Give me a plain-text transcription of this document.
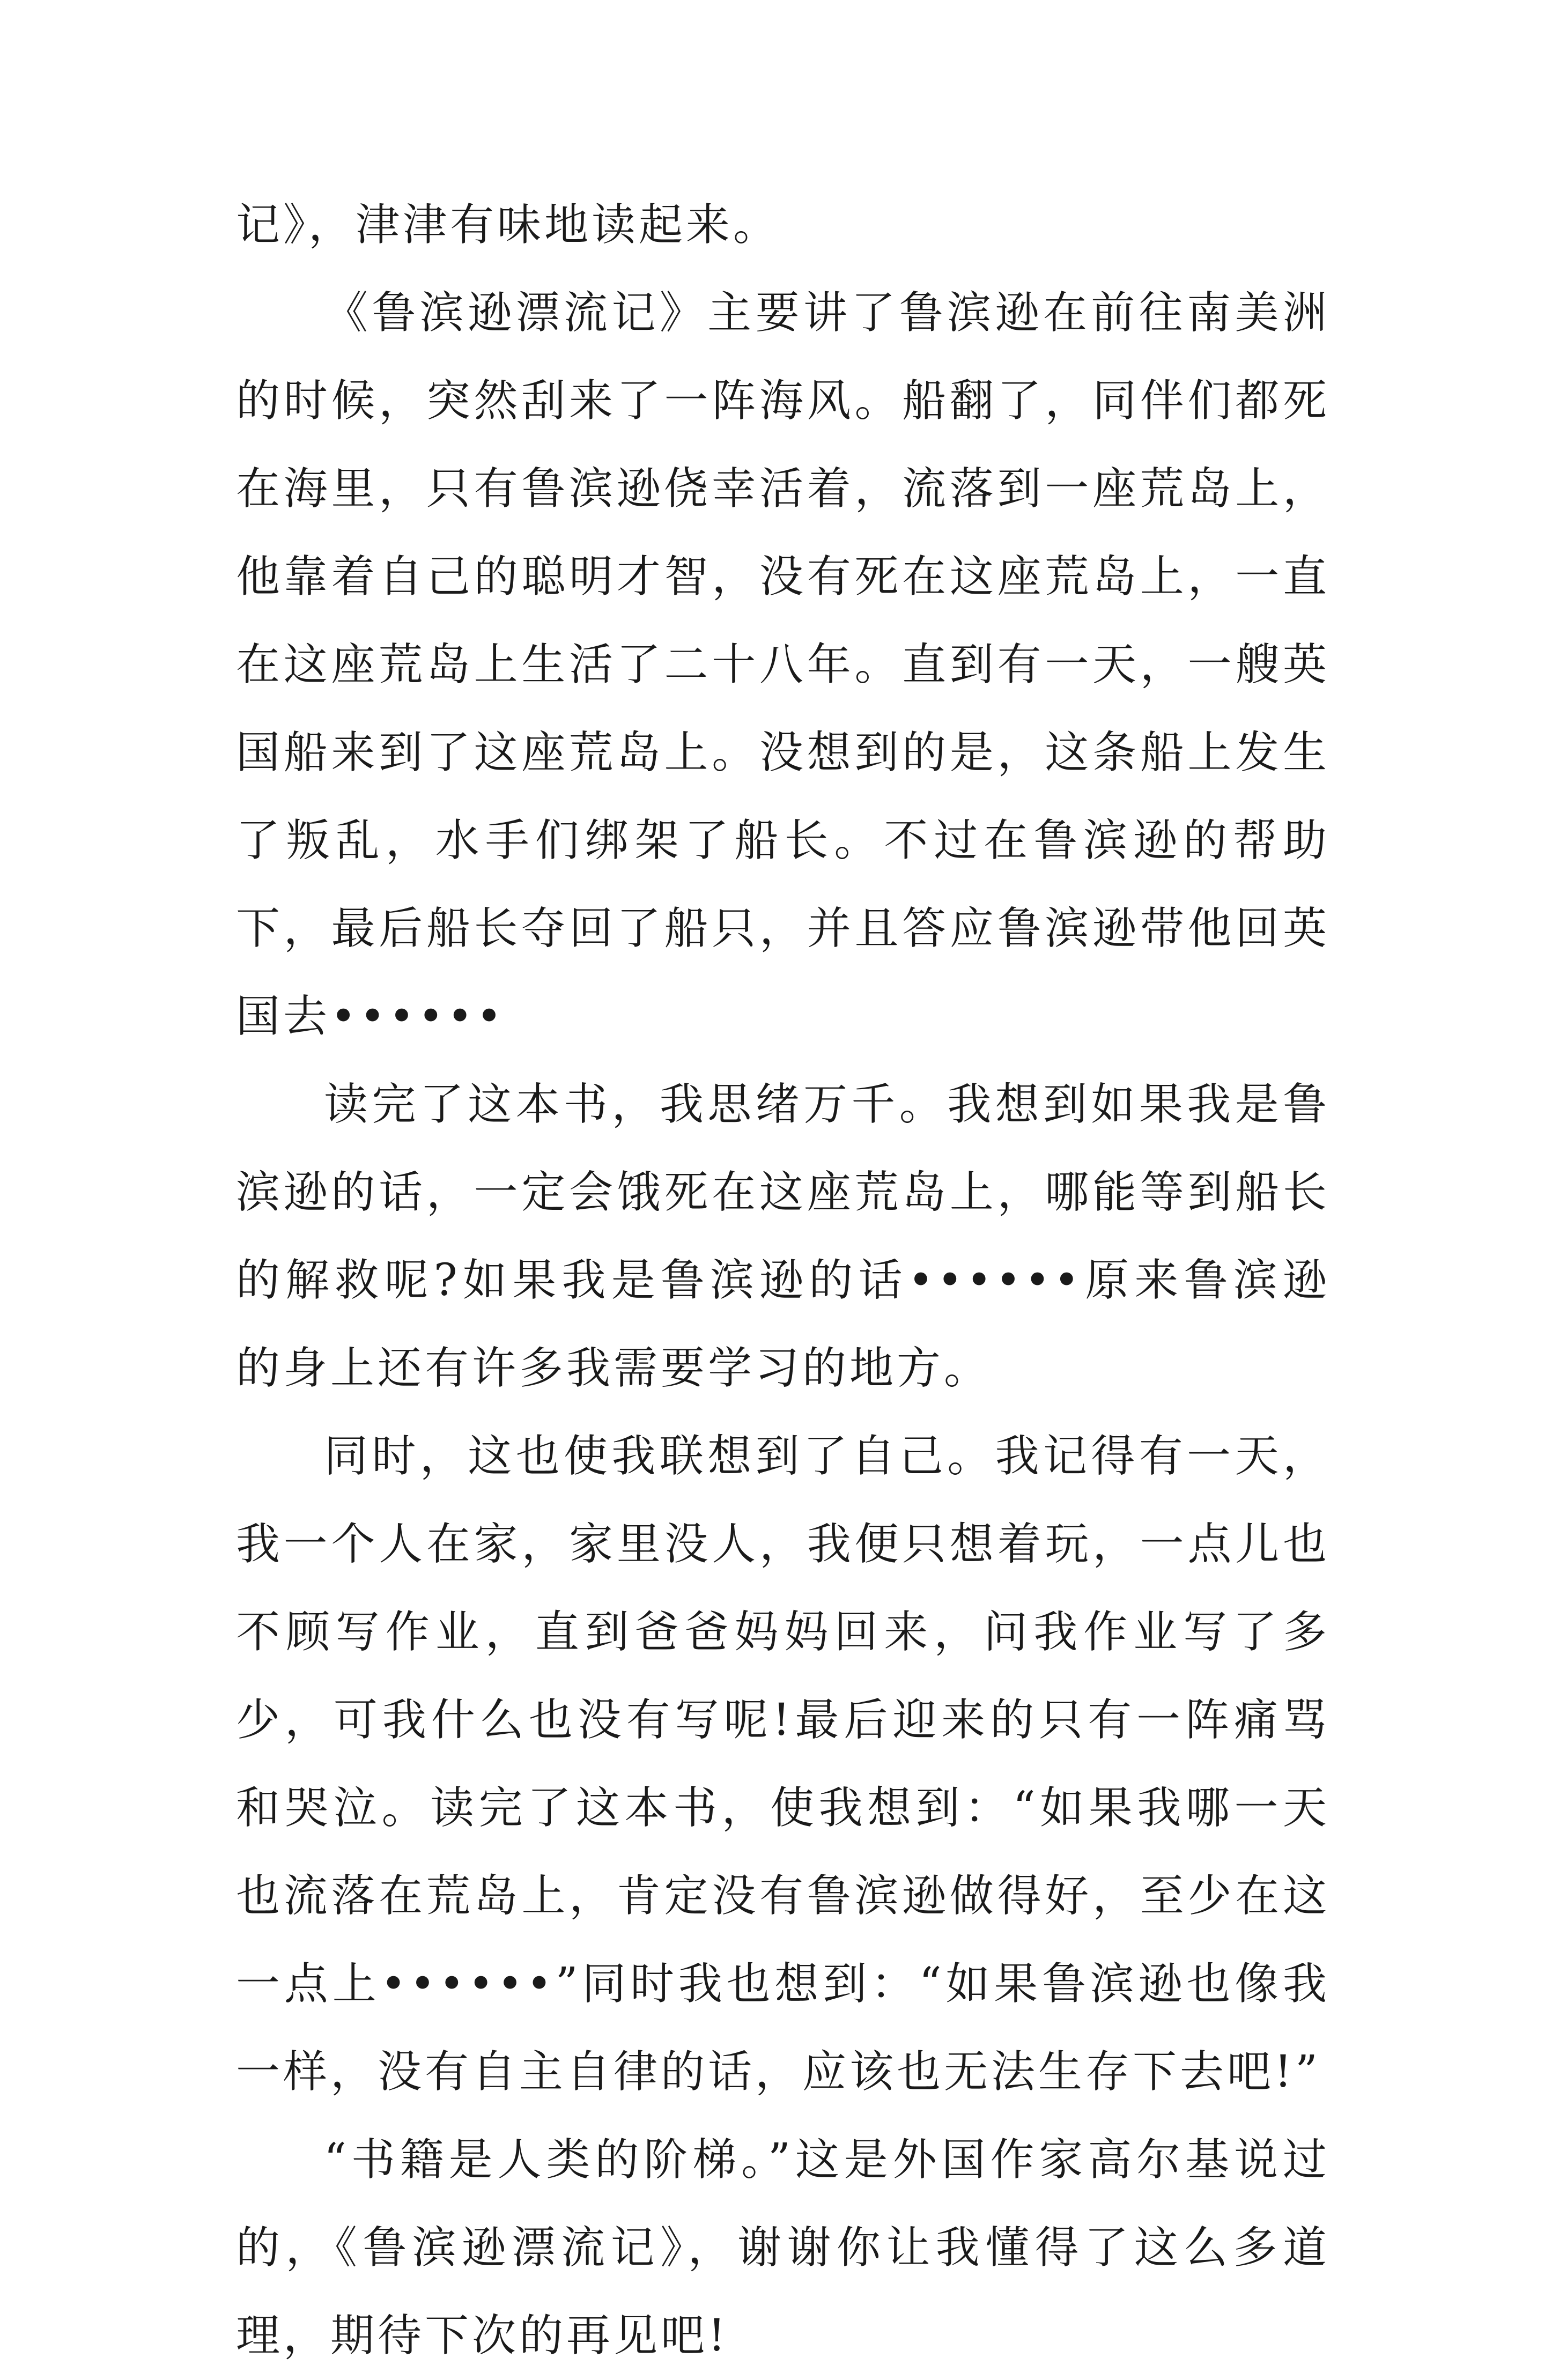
记》，津津有味地读起来。

《鲁滨逊漂流记》主要讲了鲁滨逊在前往南美洲的时候，突然刮来了一阵海风。船翻了，同伴们都死在海里，只有鲁滨逊侥幸活着，流落到一座荒岛上，他靠着自己的聪明才智，没有死在这座荒岛上，一直在这座荒岛上生活了二十八年。直到有一天，一艘英国船来到了这座荒岛上。没想到的是，这条船上发生了叛乱，水手们绑架了船长。不过在鲁滨逊的帮助下，最后船长夺回了船只，并且答应鲁滨逊带他回英国去••••••

读完了这本书，我思绪万千。我想到如果我是鲁滨逊的话，一定会饿死在这座荒岛上，哪能等到船长的解救呢?如果我是鲁滨逊的话••••••原来鲁滨逊的身上还有许多我需要学习的地方。

同时，这也使我联想到了自己。我记得有一天，我一个人在家，家里没人，我便只想着玩，一点儿也不顾写作业，直到爸爸妈妈回来，问我作业写了多少，可我什么也没有写呢!最后迎来的只有一阵痛骂和哭泣。读完了这本书，使我想到：“如果我哪一天也流落在荒岛上，肯定没有鲁滨逊做得好，至少在这一点上••••••”同时我也想到：“如果鲁滨逊也像我一样，没有自主自律的话，应该也无法生存下去吧!”

“书籍是人类的阶梯。”这是外国作家高尔基说过的，《鲁滨逊漂流记》，谢谢你让我懂得了这么多道理，期待下次的再见吧!
